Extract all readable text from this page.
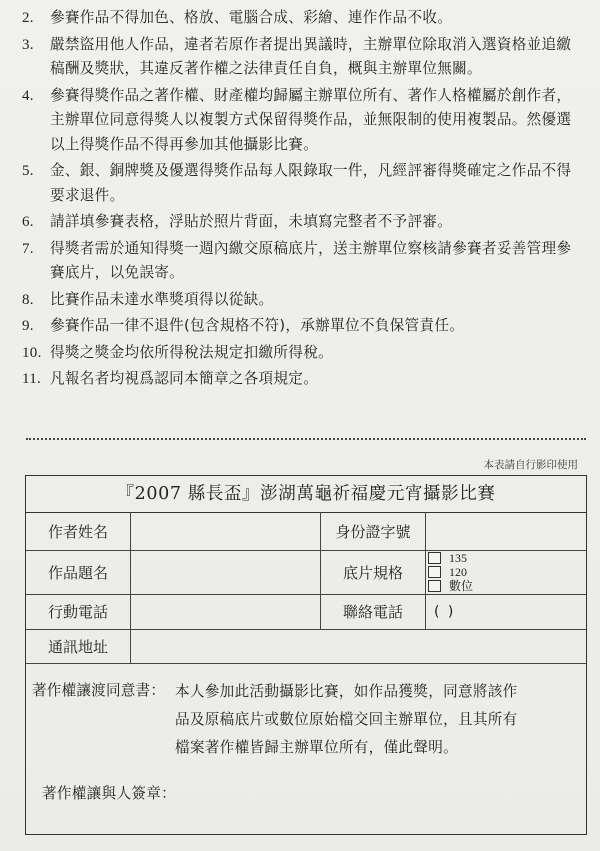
2.	參賽作品不得加色、格放、電腦合成、彩繪、連作作品不收。
3.	嚴禁盜用他人作品，違者若原作者提出異議時，主辦單位除取消入選資格並追繳稿酬及獎狀，其違反著作權之法律責任自負，概與主辦單位無關。
4.	參賽得獎作品之著作權、財產權均歸屬主辦單位所有、著作人格權屬於創作者，主辦單位同意得獎人以複製方式保留得獎作品，並無限制的使用複製品。然優選以上得獎作品不得再參加其他攝影比賽。
5.	金、銀、銅牌獎及優選得獎作品每人限錄取一件，凡經評審得獎確定之作品不得要求退件。
6.	請詳填參賽表格，浮貼於照片背面，未填寫完整者不予評審。
7.	得獎者需於通知得獎一週內繳交原稿底片，送主辦單位察核請參賽者妥善管理參賽底片，以免誤寄。
8.	比賽作品未達水準獎項得以從缺。
9.	參賽作品一律不退件(包含規格不符)，承辦單位不負保管責任。
10. 得獎之獎金均依所得稅法規定扣繳所得稅。
11. 凡報名者均視爲認同本簡章之各項規定。
本表請自行影印使用
『2007 縣長盃』澎湖萬龜祈福慶元宵攝影比賽
作者姓名	身份證字號
作品題名	底片規格
135
120
數位
行動電話	聯絡電話	( )
通訊地址
著作權讓渡同意書： 本人參加此活動攝影比賽，如作品獲獎，同意將該作
品及原稿底片或數位原始檔交回主辦單位，且其所有
檔案著作權皆歸主辦單位所有，僅此聲明。
著作權讓與人簽章：
